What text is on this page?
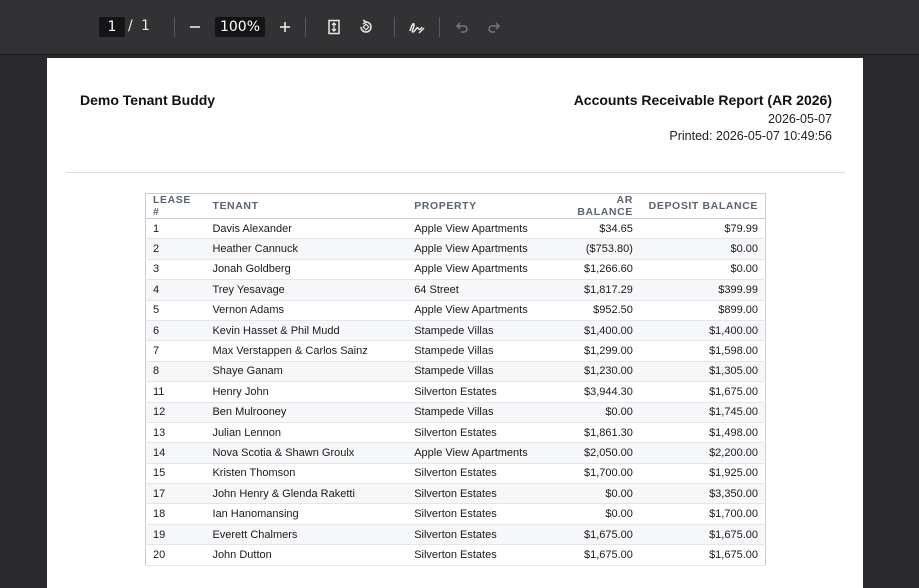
1 / 1	100%
Demo Tenant Buddy	Accounts Receivable Report (AR 2026)
2026-05-07
Printed: 2026-05-07 10:49:56
LEASE #	TENANT	PROPERTY	AR BALANCE	DEPOSIT BALANCE
1	Davis Alexander	Apple View Apartments	$34.65	$79.99
2	Heather Cannuck	Apple View Apartments	($753.80)	$0.00
3	Jonah Goldberg	Apple View Apartments	$1,266.60	$0.00
4	Trey Yesavage	64 Street	$1,817.29	$399.99
5	Vernon Adams	Apple View Apartments	$952.50	$899.00
6	Kevin Hasset & Phil Mudd	Stampede Villas	$1,400.00	$1,400.00
7	Max Verstappen & Carlos Sainz	Stampede Villas	$1,299.00	$1,598.00
8	Shaye Ganam	Stampede Villas	$1,230.00	$1,305.00
11	Henry John	Silverton Estates	$3,944.30	$1,675.00
12	Ben Mulrooney	Stampede Villas	$0.00	$1,745.00
13	Julian Lennon	Silverton Estates	$1,861.30	$1,498.00
14	Nova Scotia & Shawn Groulx	Apple View Apartments	$2,050.00	$2,200.00
15	Kristen Thomson	Silverton Estates	$1,700.00	$1,925.00
17	John Henry & Glenda Raketti	Silverton Estates	$0.00	$3,350.00
18	Ian Hanomansing	Silverton Estates	$0.00	$1,700.00
19	Everett Chalmers	Silverton Estates	$1,675.00	$1,675.00
20	John Dutton	Silverton Estates	$1,675.00	$1,675.00
